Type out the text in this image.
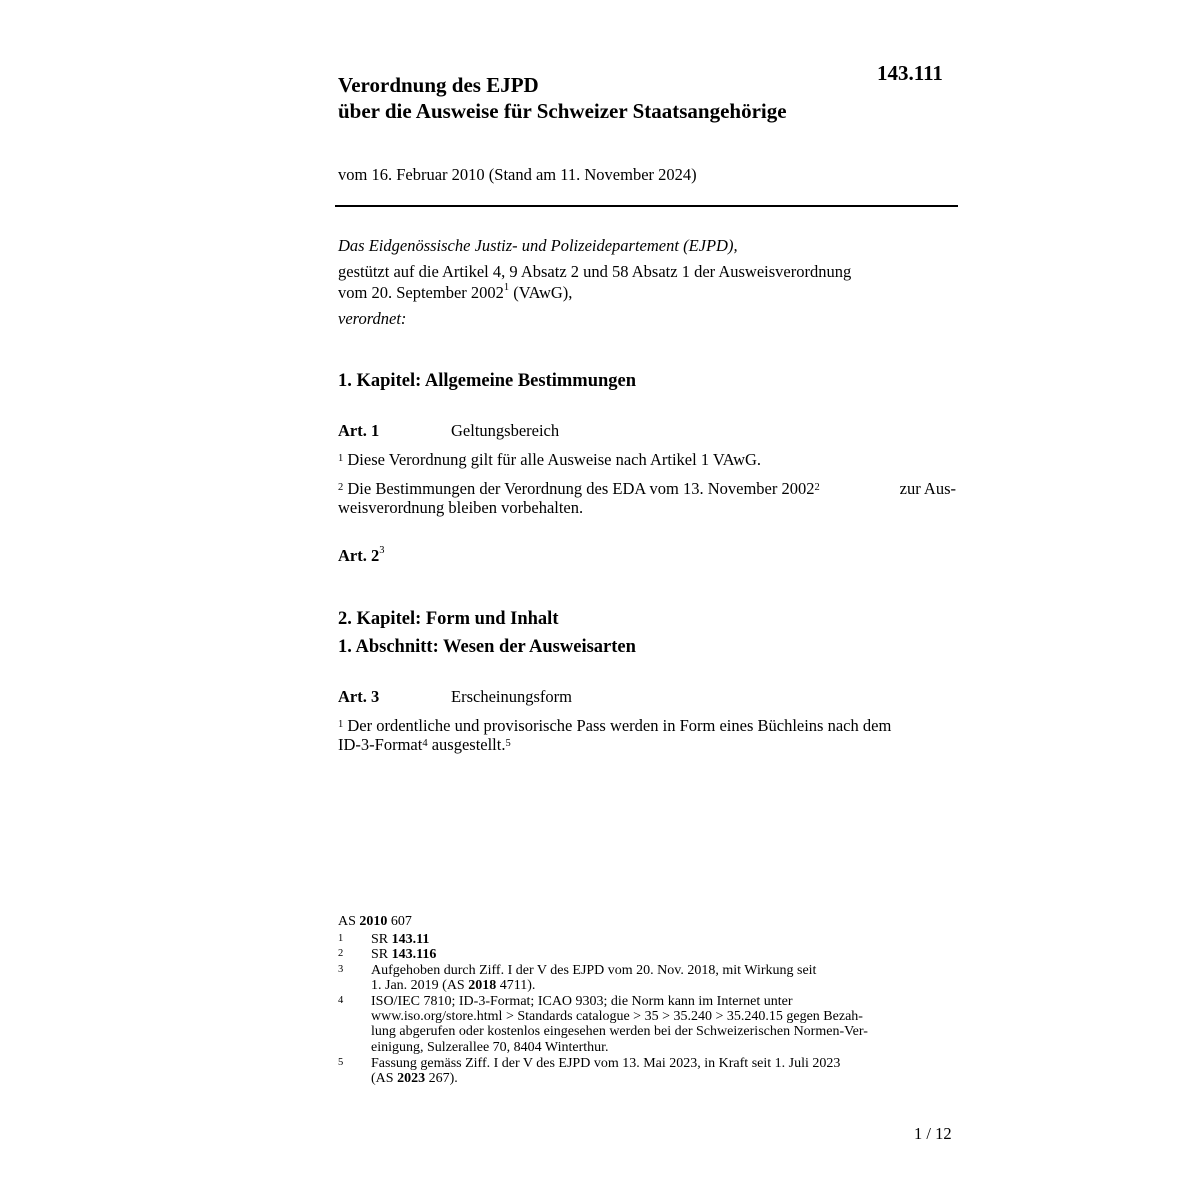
143.111
Verordnung des EJPD
über die Ausweise für Schweizer Staatsangehörige
vom 16. Februar 2010 (Stand am 11. November 2024)
Das Eidgenössische Justiz- und Polizeidepartement (EJPD),
gestützt auf die Artikel 4, 9 Absatz 2 und 58 Absatz 1 der Ausweisverordnung
vom 20. September 2002$^1$ (VAwG),
verordnet:
1. Kapitel: Allgemeine Bestimmungen
Art. 1	Geltungsbereich
$^1$ Diese Verordnung gilt für alle Ausweise nach Artikel 1 VAwG.
$^2$ Die Bestimmungen der Verordnung des EDA vom 13. November 2002$^2$	zur Aus-
weisverordnung bleiben vorbehalten.
Art. 2$^3$
2. Kapitel: Form und Inhalt
1. Abschnitt: Wesen der Ausweisarten
Art. 3	Erscheinungsform
$^1$ Der ordentliche und provisorische Pass werden in Form eines Büchleins nach dem
ID-3-Format$^4$ ausgestellt.$^5$
AS 2010 607
1	SR 143.11
2	SR 143.116
3	Aufgehoben durch Ziff. I der V des EJPD vom 20. Nov. 2018, mit Wirkung seit
1. Jan. 2019 (AS 2018 4711).
4	ISO/IEC 7810; ID-3-Format; ICAO 9303; die Norm kann im Internet unter
www.iso.org/store.html > Standards catalogue > 35 > 35.240 > 35.240.15 gegen Bezah-
lung abgerufen oder kostenlos eingesehen werden bei der Schweizerischen Normen-Ver-
einigung, Sulzerallee 70, 8404 Winterthur.
5	Fassung gemäss Ziff. I der V des EJPD vom 13. Mai 2023, in Kraft seit 1. Juli 2023
(AS 2023 267).
1 / 12
